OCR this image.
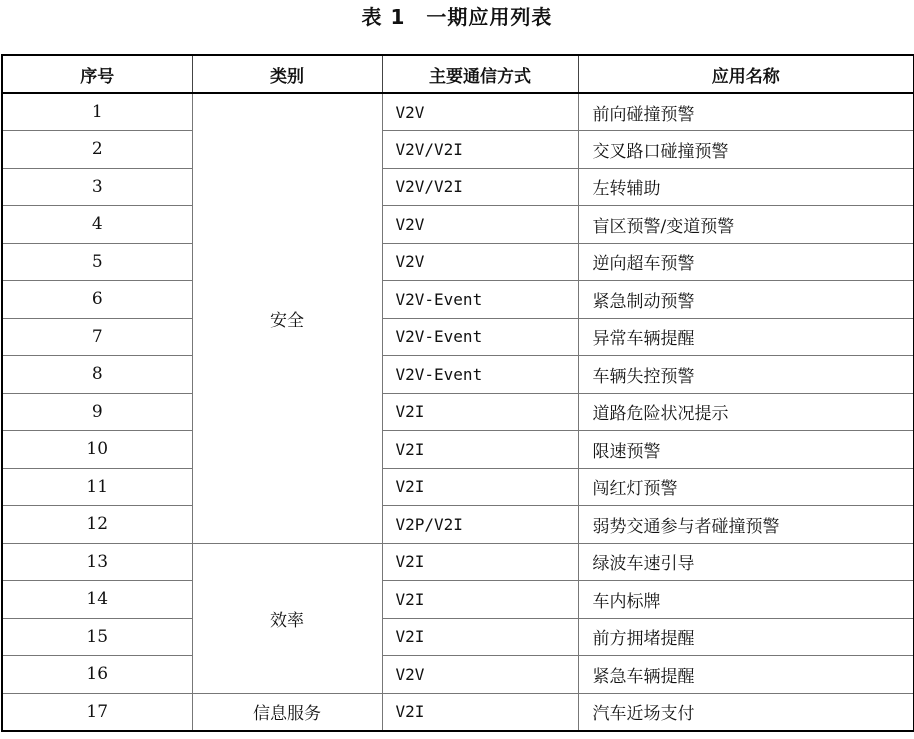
表 1　一期应用列表
序号	类别	主要通信方式	应用名称
1	安全	V2V	前向碰撞预警
2		V2V/V2I	交叉路口碰撞预警
3		V2V/V2I	左转辅助
4		V2V	盲区预警/变道预警
5		V2V	逆向超车预警
6		V2V-Event	紧急制动预警
7		V2V-Event	异常车辆提醒
8		V2V-Event	车辆失控预警
9		V2I	道路危险状况提示
10		V2I	限速预警
11		V2I	闯红灯预警
12		V2P/V2I	弱势交通参与者碰撞预警
13	效率	V2I	绿波车速引导
14		V2I	车内标牌
15		V2I	前方拥堵提醒
16		V2V	紧急车辆提醒
17	信息服务	V2I	汽车近场支付
